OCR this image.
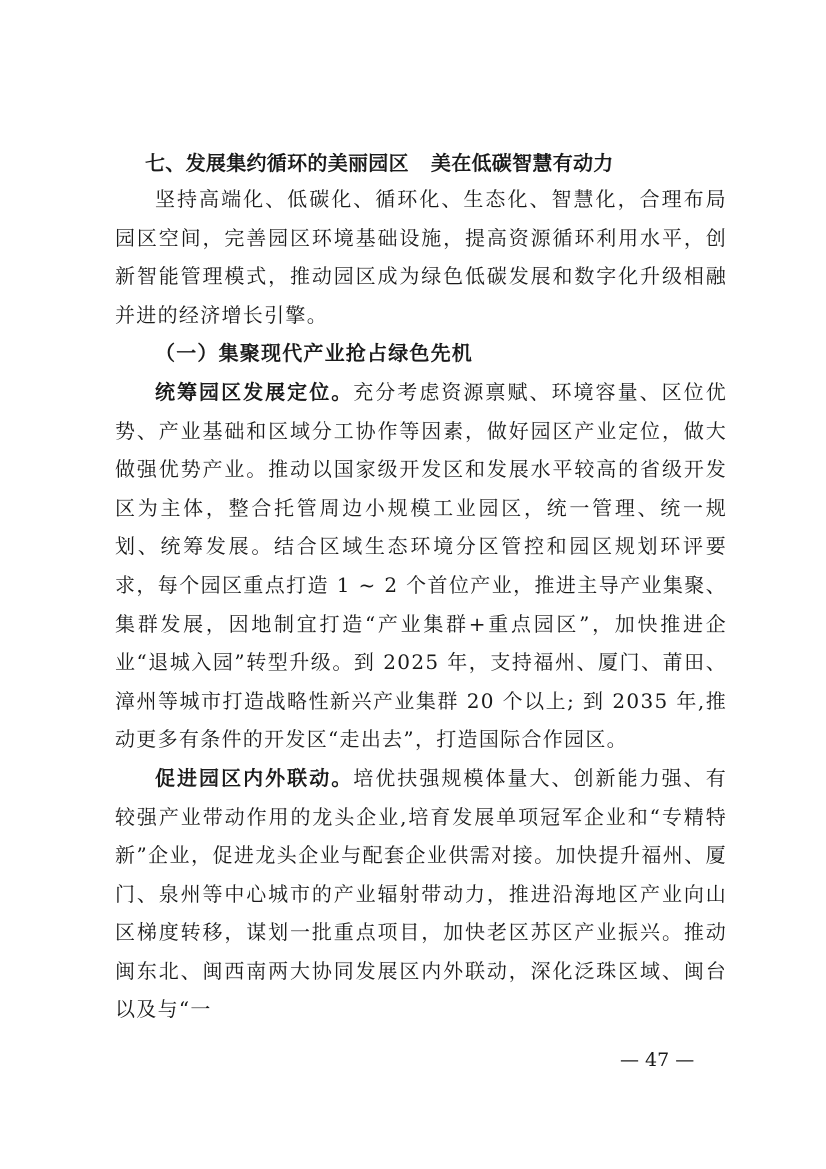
七、发展集约循环的美丽园区 美在低碳智慧有动力

坚持高端化、低碳化、循环化、生态化、智慧化，合理布局园区空间，完善园区环境基础设施，提高资源循环利用水平，创新智能管理模式，推动园区成为绿色低碳发展和数字化升级相融并进的经济增长引擎。

（一）集聚现代产业抢占绿色先机

统筹园区发展定位。充分考虑资源禀赋、环境容量、区位优势、产业基础和区域分工协作等因素，做好园区产业定位，做大做强优势产业。推动以国家级开发区和发展水平较高的省级开发区为主体，整合托管周边小规模工业园区，统一管理、统一规划、统筹发展。结合区域生态环境分区管控和园区规划环评要求，每个园区重点打造 1 ~ 2 个首位产业，推进主导产业集聚、集群发展，因地制宜打造“产业集群+重点园区”，加快推进企业“退城入园”转型升级。到 2025 年，支持福州、厦门、莆田、漳州等城市打造战略性新兴产业集群 20 个以上; 到 2035 年,推动更多有条件的开发区“走出去”，打造国际合作园区。

促进园区内外联动。培优扶强规模体量大、创新能力强、有较强产业带动作用的龙头企业,培育发展单项冠军企业和“专精特新”企业，促进龙头企业与配套企业供需对接。加快提升福州、厦门、泉州等中心城市的产业辐射带动力，推进沿海地区产业向山区梯度转移，谋划一批重点项目，加快老区苏区产业振兴。推动闽东北、闽西南两大协同发展区内外联动，深化泛珠区域、闽台以及与“一

— 47 —
